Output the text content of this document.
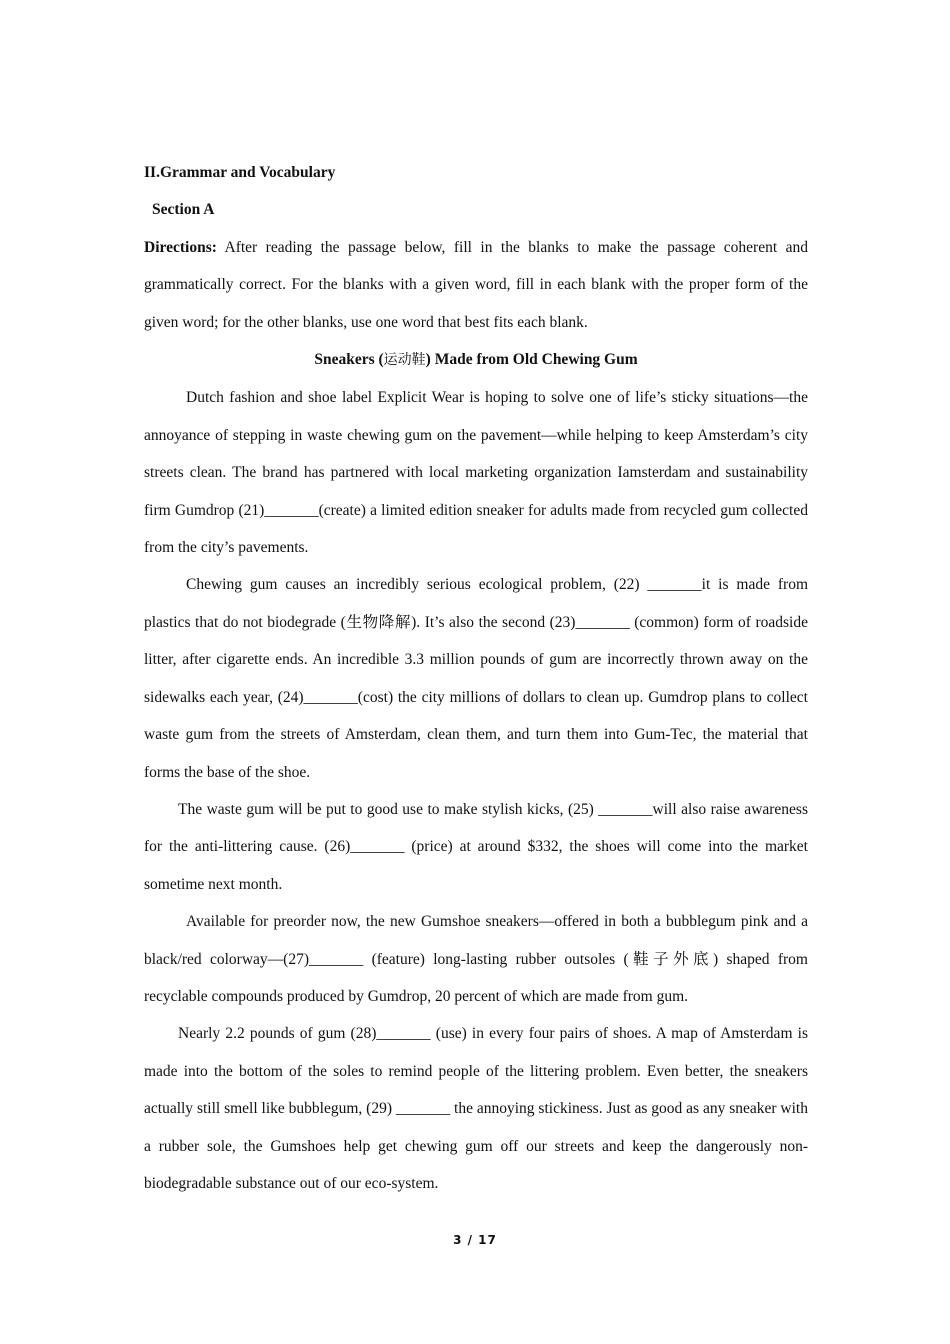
II.Grammar and Vocabulary

Section A

Directions: After reading the passage below, fill in the blanks to make the passage coherent and grammatically correct. For the blanks with a given word, fill in each blank with the proper form of the given word; for the other blanks, use one word that best fits each blank.

Sneakers (运动鞋) Made from Old Chewing Gum

Dutch fashion and shoe label Explicit Wear is hoping to solve one of life’s sticky situations—the annoyance of stepping in waste chewing gum on the pavement—while helping to keep Amsterdam’s city streets clean. The brand has partnered with local marketing organization Iamsterdam and sustainability firm Gumdrop (21)_______(create) a limited edition sneaker for adults made from recycled gum collected from the city’s pavements.

Chewing gum causes an incredibly serious ecological problem, (22) _______it is made from plastics that do not biodegrade (生物降解). It’s also the second (23)_______ (common) form of roadside litter, after cigarette ends. An incredible 3.3 million pounds of gum are incorrectly thrown away on the sidewalks each year, (24)_______(cost) the city millions of dollars to clean up. Gumdrop plans to collect waste gum from the streets of Amsterdam, clean them, and turn them into Gum-Tec, the material that forms the base of the shoe.

The waste gum will be put to good use to make stylish kicks, (25) _______will also raise awareness for the anti-littering cause. (26)_______ (price) at around $332, the shoes will come into the market sometime next month.

Available for preorder now, the new Gumshoe sneakers—offered in both a bubblegum pink and a black/red colorway—(27)_______ (feature) long-lasting rubber outsoles (鞋子外底) shaped from recyclable compounds produced by Gumdrop, 20 percent of which are made from gum.

Nearly 2.2 pounds of gum (28)_______ (use) in every four pairs of shoes. A map of Amsterdam is made into the bottom of the soles to remind people of the littering problem. Even better, the sneakers actually still smell like bubblegum, (29) _______ the annoying stickiness. Just as good as any sneaker with a rubber sole, the Gumshoes help get chewing gum off our streets and keep the dangerously non-biodegradable substance out of our eco-system.

3 / 17
